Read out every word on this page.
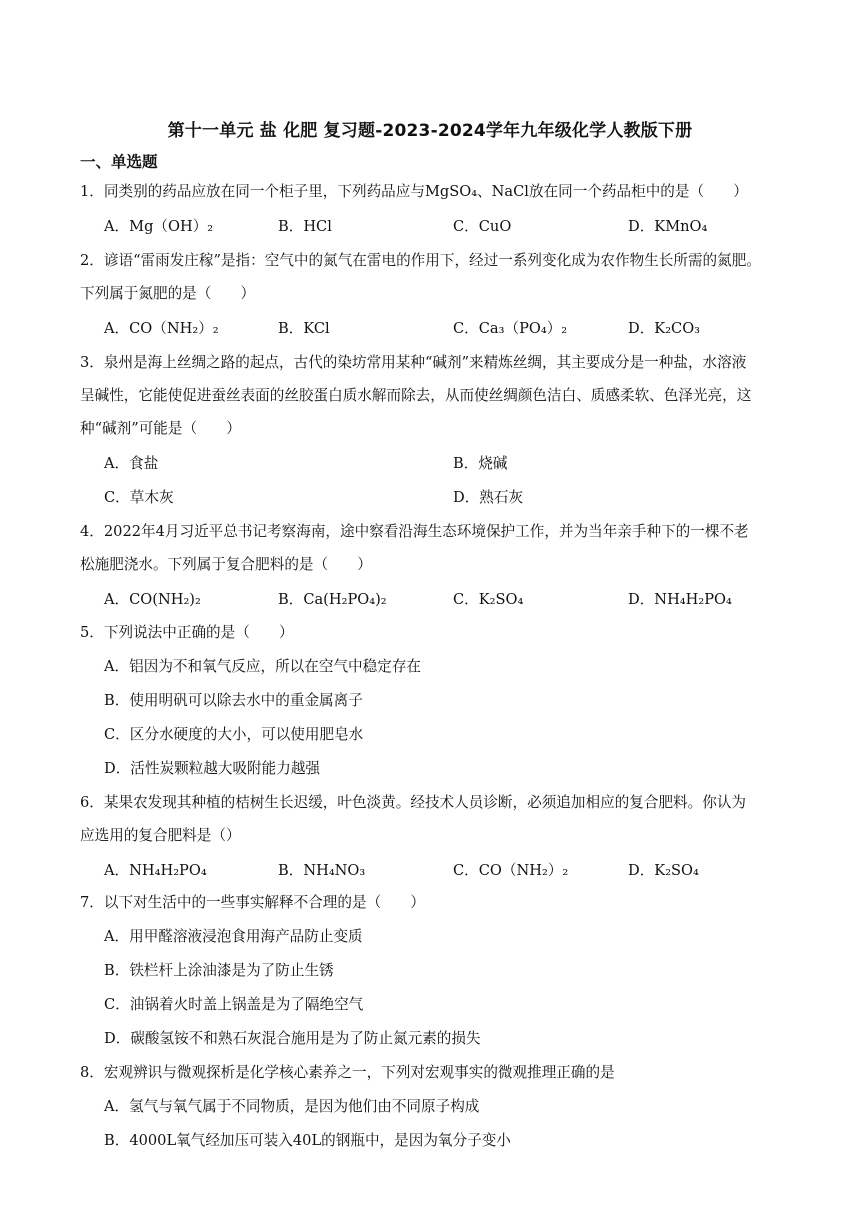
第十一单元 盐 化肥 复习题-2023-2024学年九年级化学人教版下册
一、单选题
1．同类别的药品应放在同一个柜子里，下列药品应与MgSO₄、NaCl放在同一个药品柜中的是（　　）
A．Mg（OH）₂	B．HCl	C．CuO	D．KMnO₄
2．谚语“雷雨发庄稼”是指：空气中的氮气在雷电的作用下，经过一系列变化成为农作物生长所需的氮肥。
下列属于氮肥的是（　　）
A．CO（NH₂）₂	B．KCl	C．Ca₃（PO₄）₂	D．K₂CO₃
3．泉州是海上丝绸之路的起点，古代的染坊常用某种“碱剂”来精炼丝绸，其主要成分是一种盐，水溶液
呈碱性，它能使促进蚕丝表面的丝胶蛋白质水解而除去，从而使丝绸颜色洁白、质感柔软、色泽光亮，这
种“碱剂”可能是（　　）
A．食盐	B．烧碱
C．草木灰	D．熟石灰
4．2022年4月习近平总书记考察海南，途中察看沿海生态环境保护工作，并为当年亲手种下的一棵不老
松施肥浇水。下列属于复合肥料的是（　　）
A．CO(NH₂)₂	B．Ca(H₂PO₄)₂	C．K₂SO₄	D．NH₄H₂PO₄
5．下列说法中正确的是（　　）
A．铝因为不和氧气反应，所以在空气中稳定存在
B．使用明矾可以除去水中的重金属离子
C．区分水硬度的大小，可以使用肥皂水
D．活性炭颗粒越大吸附能力越强
6．某果农发现其种植的桔树生长迟缓，叶色淡黄。经技术人员诊断，必须追加相应的复合肥料。你认为
应选用的复合肥料是（）
A．NH₄H₂PO₄	B．NH₄NO₃	C．CO（NH₂）₂	D．K₂SO₄
7．以下对生活中的一些事实解释不合理的是（　　）
A．用甲醛溶液浸泡食用海产品防止变质
B．铁栏杆上涂油漆是为了防止生锈
C．油锅着火时盖上锅盖是为了隔绝空气
D．碳酸氢铵不和熟石灰混合施用是为了防止氮元素的损失
8．宏观辨识与微观探析是化学核心素养之一，下列对宏观事实的微观推理正确的是
A．氢气与氧气属于不同物质，是因为他们由不同原子构成
B．4000L氧气经加压可装入40L的钢瓶中，是因为氧分子变小
